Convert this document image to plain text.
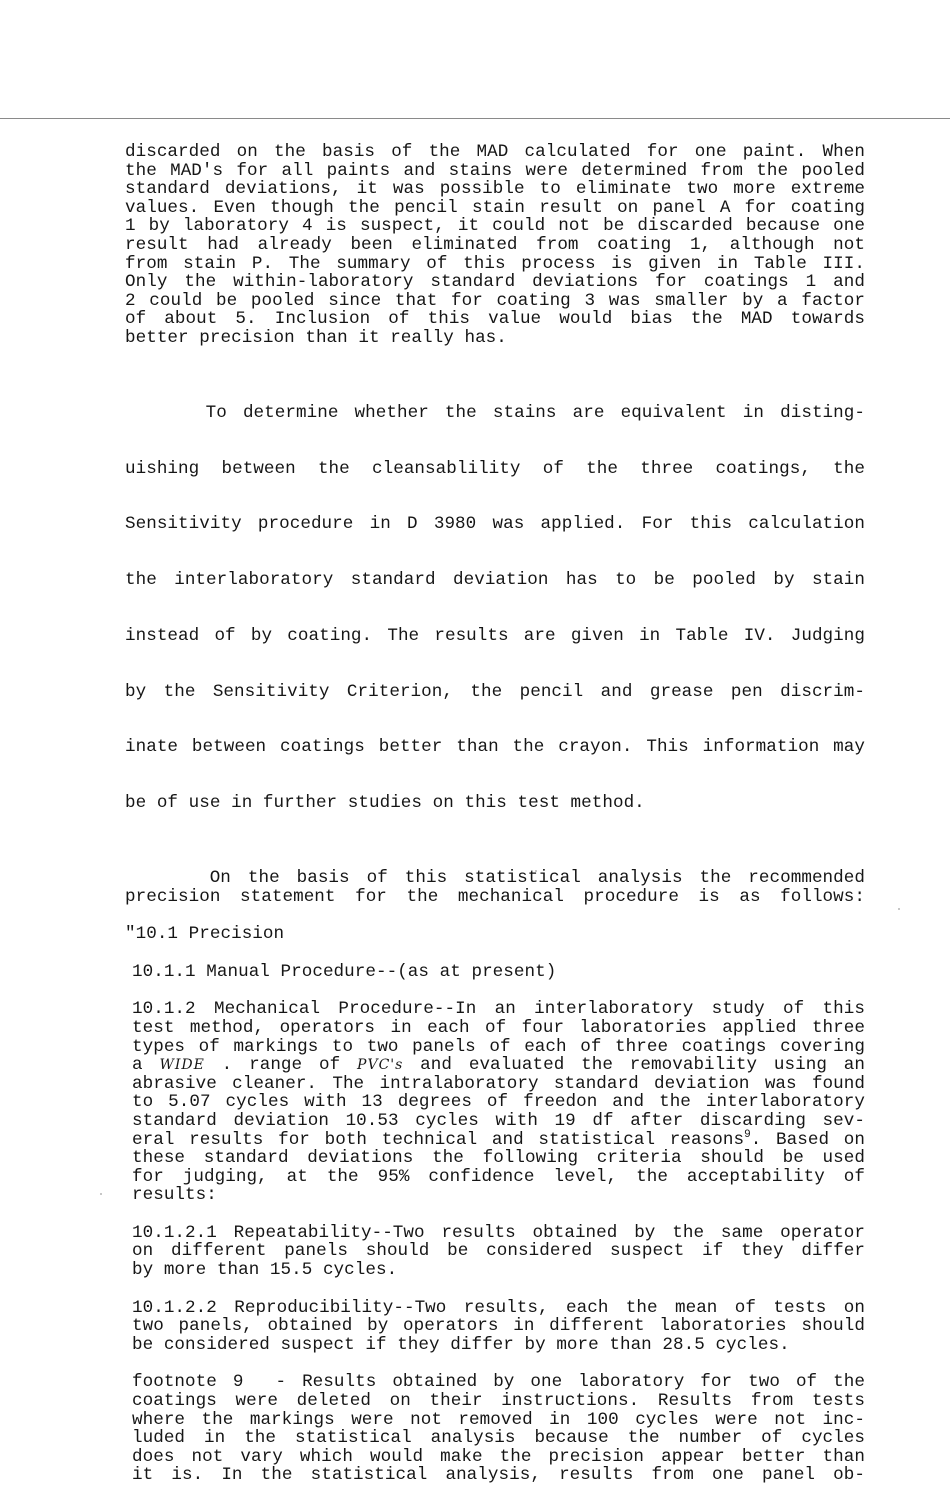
discarded on the basis of the MAD calculated for one paint. When
the MAD's for all paints and stains were determined from the pooled
standard deviations, it was possible to eliminate two more extreme
values. Even though the pencil stain result on panel A for coating
1 by laboratory 4 is suspect, it could not be discarded because one
result had already been eliminated from coating 1, although not
from stain P. The summary of this process is given in Table III.
Only the within-laboratory standard deviations for coatings 1 and
2 could be pooled since that for coating 3 was smaller by a factor
of about 5. Inclusion of this value would bias the MAD towards
better precision than it really has.

To determine whether the stains are equivalent in disting-

uishing between the cleansablility of the three coatings, the

Sensitivity procedure in D 3980 was applied. For this calculation

the interlaboratory standard deviation has to be pooled by stain

instead of by coating. The results are given in Table IV. Judging

by the Sensitivity Criterion, the pencil and grease pen discrim-

inate between coatings better than the crayon. This information may

be of use in further studies on this test method.

On the basis of this statistical analysis the recommended
precision statement for the mechanical procedure is as follows:

"10.1 Precision

10.1.1 Manual Procedure--(as at present)

10.1.2 Mechanical Procedure--In an interlaboratory study of this
test method, operators in each of four laboratories applied three
types of markings to two panels of each of three coatings covering
a WIDE . range of PVC's and evaluated the removability using an
abrasive cleaner. The intralaboratory standard deviation was found
to 5.07 cycles with 13 degrees of freedon and the interlaboratory
standard deviation 10.53 cycles with 19 df after discarding sev-
eral results for both technical and statistical reasons$^9$. Based on
these standard deviations the following criteria should be used
for judging, at the 95% confidence level, the acceptability of
results:

10.1.2.1 Repeatability--Two results obtained by the same operator
on different panels should be considered suspect if they differ
by more than 15.5 cycles.

10.1.2.2 Reproducibility--Two results, each the mean of tests on
two panels, obtained by operators in different laboratories should
be considered suspect if they differ by more than 28.5 cycles.

footnote 9  - Results obtained by one laboratory for two of the
coatings were deleted on their instructions. Results from tests
where the markings were not removed in 100 cycles were not inc-
luded in the statistical analysis because the number of cycles
does not vary which would make the precision appear better than
it is. In the statistical analysis, results from one panel ob-
